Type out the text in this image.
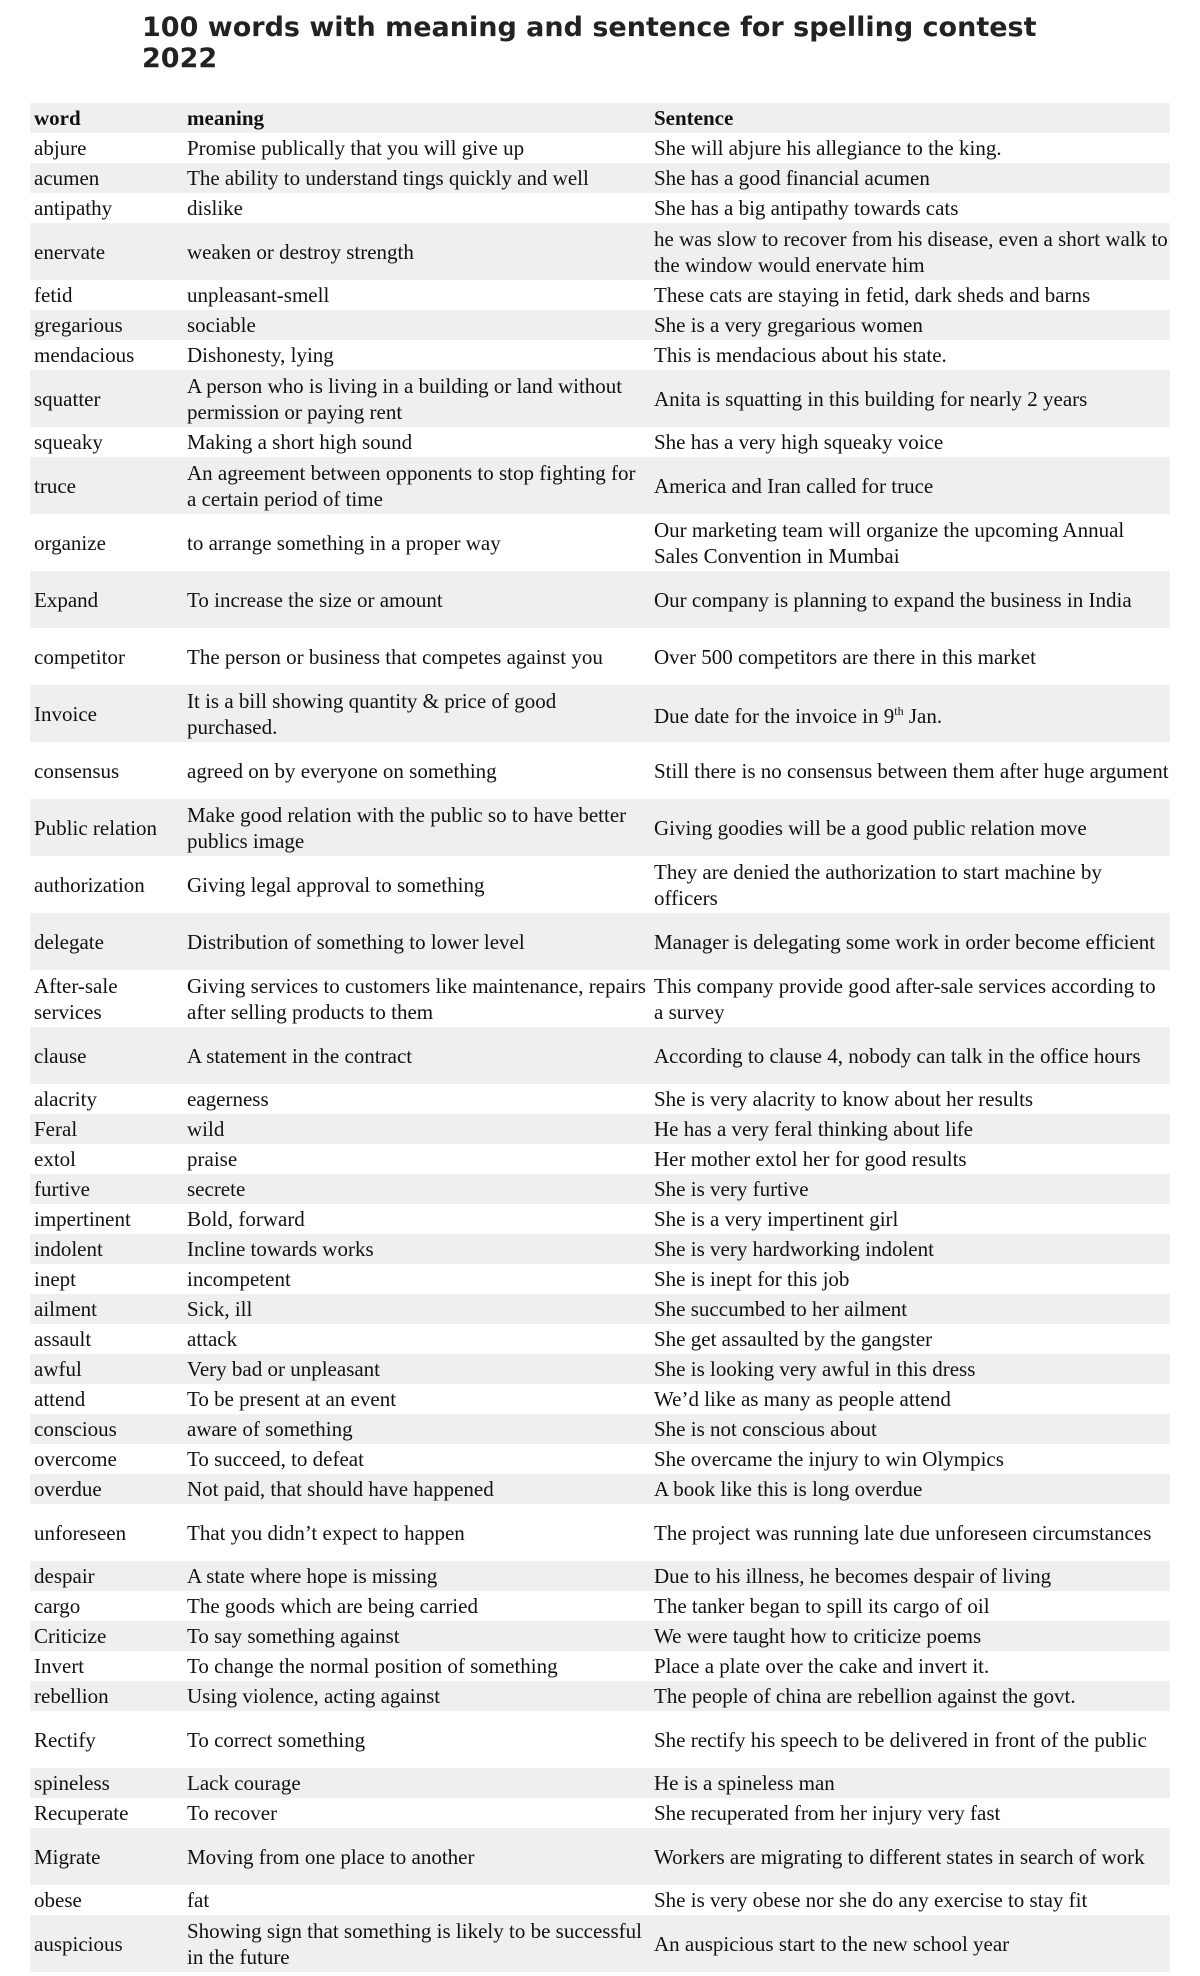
100 words with meaning and sentence for spelling contest 2022
word	meaning	Sentence
abjure	Promise publically that you will give up	She will abjure his allegiance to the king.
acumen	The ability to understand tings quickly and well	She has a good financial acumen
antipathy	dislike	She has a big antipathy towards cats
enervate	weaken or destroy strength	he was slow to recover from his disease, even a short walk to the window would enervate him
fetid	unpleasant-smell	These cats are staying in fetid, dark sheds and barns
gregarious	sociable	She is a very gregarious women
mendacious	Dishonesty, lying	This is mendacious about his state.
squatter	A person who is living in a building or land without permission or paying rent	Anita is squatting in this building for nearly 2 years
squeaky	Making a short high sound	She has a very high squeaky voice
truce	An agreement between opponents to stop fighting for a certain period of time	America and Iran called for truce
organize	to arrange something in a proper way	Our marketing team will organize the upcoming Annual Sales Convention in Mumbai
Expand	To increase the size or amount	Our company is planning to expand the business in India
competitor	The person or business that competes against you	Over 500 competitors are there in this market
Invoice	It is a bill showing quantity & price of good purchased.	Due date for the invoice in 9th Jan.
consensus	agreed on by everyone on something	Still there is no consensus between them after huge argument
Public relation	Make good relation with the public so to have better publics image	Giving goodies will be a good public relation move
authorization	Giving legal approval to something	They are denied the authorization to start machine by officers
delegate	Distribution of something to lower level	Manager is delegating some work in order become efficient
After-sale services	Giving services to customers like maintenance, repairs after selling products to them	This company provide good after-sale services according to a survey
clause	A statement in the contract	According to clause 4, nobody can talk in the office hours
alacrity	eagerness	She is very alacrity to know about her results
Feral	wild	He has a very feral thinking about life
extol	praise	Her mother extol her for good results
furtive	secrete	She is very furtive
impertinent	Bold, forward	She is a very impertinent girl
indolent	Incline towards works	She is very hardworking indolent
inept	incompetent	She is inept for this job
ailment	Sick, ill	She succumbed to her ailment
assault	attack	She get assaulted by the gangster
awful	Very bad or unpleasant	She is looking very awful in this dress
attend	To be present at an event	We’d like as many as people attend
conscious	aware of something	She is not conscious about
overcome	To succeed, to defeat	She overcame the injury to win Olympics
overdue	Not paid, that should have happened	A book like this is long overdue
unforeseen	That you didn’t expect to happen	The project was running late due unforeseen circumstances
despair	A state where hope is missing	Due to his illness, he becomes despair of living
cargo	The goods which are being carried	The tanker began to spill its cargo of oil
Criticize	To say something against	We were taught how to criticize poems
Invert	To change the normal position of something	Place a plate over the cake and invert it.
rebellion	Using violence, acting against	The people of china are rebellion against the govt.
Rectify	To correct something	She rectify his speech to be delivered in front of the public
spineless	Lack courage	He is a spineless man
Recuperate	To recover	She recuperated from her injury very fast
Migrate	Moving from one place to another	Workers are migrating to different states in search of work
obese	fat	She is very obese nor she do any exercise to stay fit
auspicious	Showing sign that something is likely to be successful in the future	An auspicious start to the new school year
